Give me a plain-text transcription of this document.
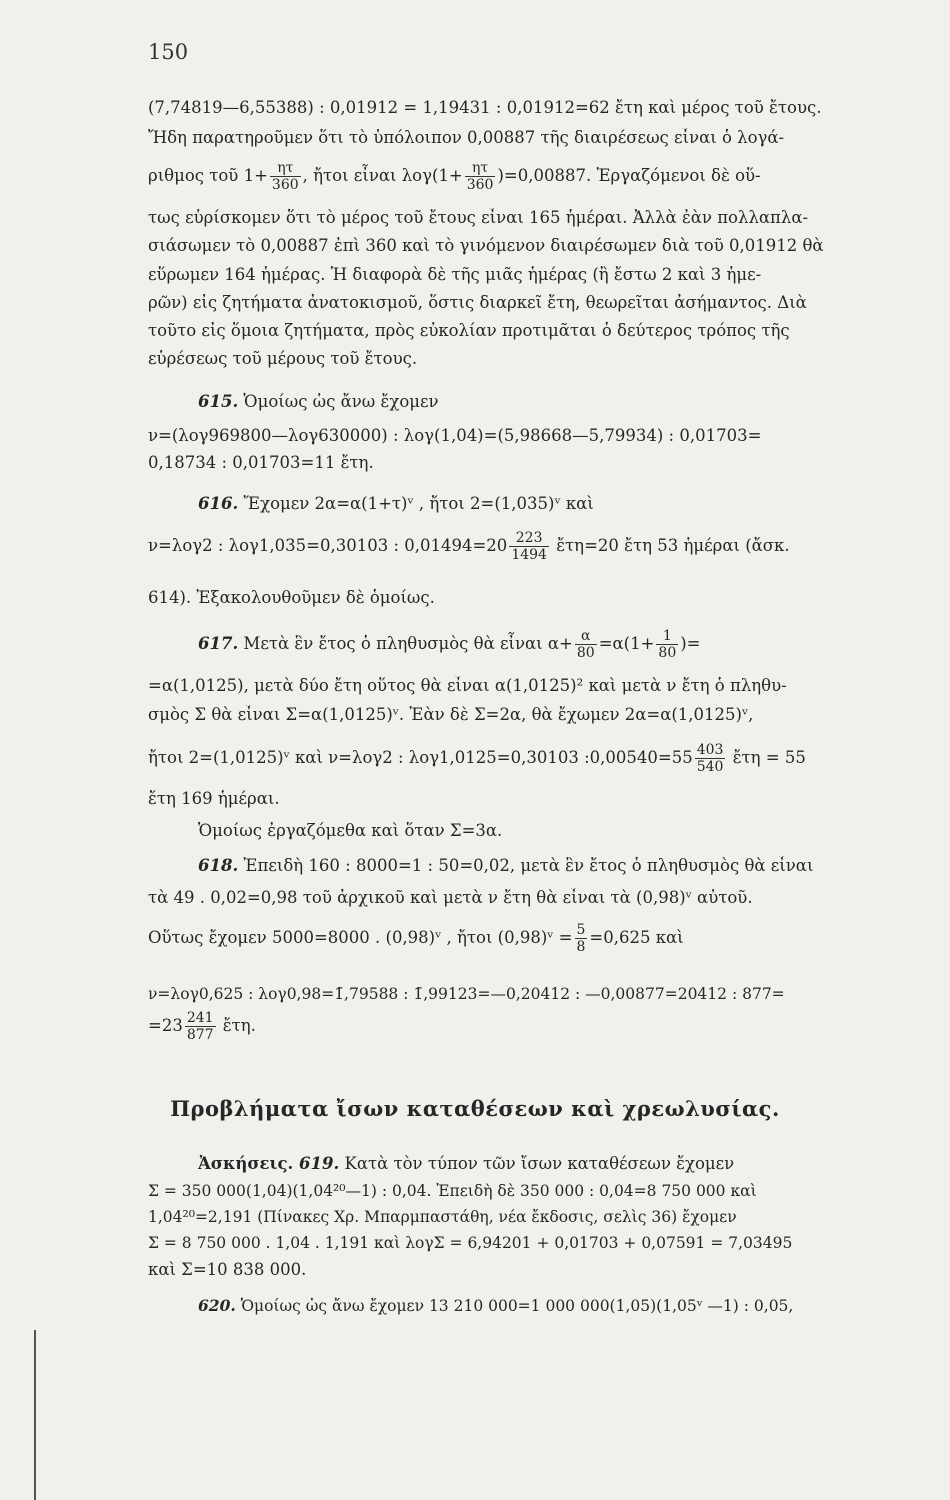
150
(7,74819—6,55388) : 0,01912 = 1,19431 : 0,01912=62 ἔτη καὶ μέρος τοῦ ἔτους.
Ἤδη παρατηροῦμεν ὅτι τὸ ὑπόλοιπον 0,00887 τῆς διαιρέσεως εἶναι ὁ λογά-
ριθμος τοῦ $1+ \frac{\eta\tau}{360}$ , ἤτοι εἶναι $\lambda o\gamma(1+ \frac{\eta\tau}{360} )=0,00887$. Ἐργαζόμενοι δὲ οὕ-
τως εὑρίσκομεν ὅτι τὸ μέρος τοῦ ἔτους εἶναι 165 ἡμέραι. Ἀλλὰ ἐὰν πολλαπλα-
σιάσωμεν τὸ 0,00887 ἐπὶ 360 καὶ τὸ γινόμενον διαιρέσωμεν διὰ τοῦ 0,01912 θὰ
εὕρωμεν 164 ἡμέρας. Ἡ διαφορὰ δὲ τῆς μιᾶς ἡμέρας (ἢ ἔστω 2 καὶ 3 ἡμε-
ρῶν) εἰς ζητήματα ἀνατοκισμοῦ, ὅστις διαρκεῖ ἔτη, θεωρεῖται ἀσήμαντος. Διὰ
τοῦτο εἰς ὅμοια ζητήματα, πρὸς εὐκολίαν προτιμᾶται ὁ δεύτερος τρόπος τῆς
εὑρέσεως τοῦ μέρους τοῦ ἔτους.
615. Ὁμοίως ὡς ἄνω ἔχομεν
ν=(λογ969800—λογ630000) : λογ(1,04)=(5,98668—5,79934) : 0,01703=
0,18734 : 0,01703=11 ἔτη.
616. Ἔχομεν 2α=α(1+τ)ᵛ , ἤτοι 2=(1,035)ᵛ καὶ
ν=λογ2 : λογ1,035=0,30103 : $0,01494=20 \frac{223}{1494}$ ἔτη=20 ἔτη 53 ἡμέραι (ἄσκ.
614). Ἐξακολουθοῦμεν δὲ ὁμοίως.
617. Μετὰ ἓν ἔτος ὁ πληθυσμὸς θὰ εἶναι $\alpha+ \frac{\alpha}{80} =\alpha(1+ \frac{1}{80}$ )=
=α(1,0125), μετὰ δύο ἔτη οὕτος θὰ εἶναι α(1,0125)² καὶ μετὰ ν ἔτη ὁ πληθυ-
σμὸς Σ θὰ εἶναι Σ=α(1,0125)ᵛ. Ἐὰν δὲ Σ=2α, θὰ ἔχωμεν 2α=α(1,0125)ᵛ,
ἤτοι 2=(1,0125)ᵛ καὶ ν=λογ2 : λογ1,0125=0,30103 :0,00540=55 $\frac{403}{540}$ ἔτη = 55
ἔτη 169 ἡμέραι.
Ὁμοίως ἐργαζόμεθα καὶ ὅταν Σ=3α.
618. Ἐπειδὴ 160 : 8000=1 : 50=0,02, μετὰ ἓν ἔτος ὁ πληθυσμὸς θὰ εἶναι
τὰ 49 . 0,02=0,98 τοῦ ἀρχικοῦ καὶ μετὰ ν ἔτη θὰ εἶναι τὰ (0,98)ᵛ αὐτοῦ.
Οὕτως ἔχομεν 5000=8000 . (0,98)ᵛ , ἤτοι (0,98)ᵛ = $\frac{5}{8} =0,625$ καὶ
ν=λογ0,625 : λογ0,98=1̄,79588 : 1̄,99123=—0,20412 : —0,00877=20412 : 877=
$=23 \frac{241}{877}$ ἔτη.
Προβλήματα ἴσων καταθέσεων καὶ χρεωλυσίας.
Ἀσκήσεις. 619. Κατὰ τὸν τύπον τῶν ἴσων καταθέσεων ἔχομεν
Σ = 350 000(1,04)(1,04²⁰—1) : 0,04. Ἐπειδὴ δὲ 350 000 : 0,04=8 750 000 καὶ
1,04²⁰=2,191 (Πίνακες Χρ. Μπαρμπαστάθη, νέα ἔκδοσις, σελὶς 36) ἔχομεν
Σ = 8 750 000 . 1,04 . 1,191 καὶ λογΣ = 6,94201 + 0,01703 + 0,07591 = 7,03495
καὶ Σ=10 838 000.
620. Ὁμοίως ὡς ἄνω ἔχομεν 13 210 000=1 000 000(1,05)(1,05ᵛ —1) : 0,05,
